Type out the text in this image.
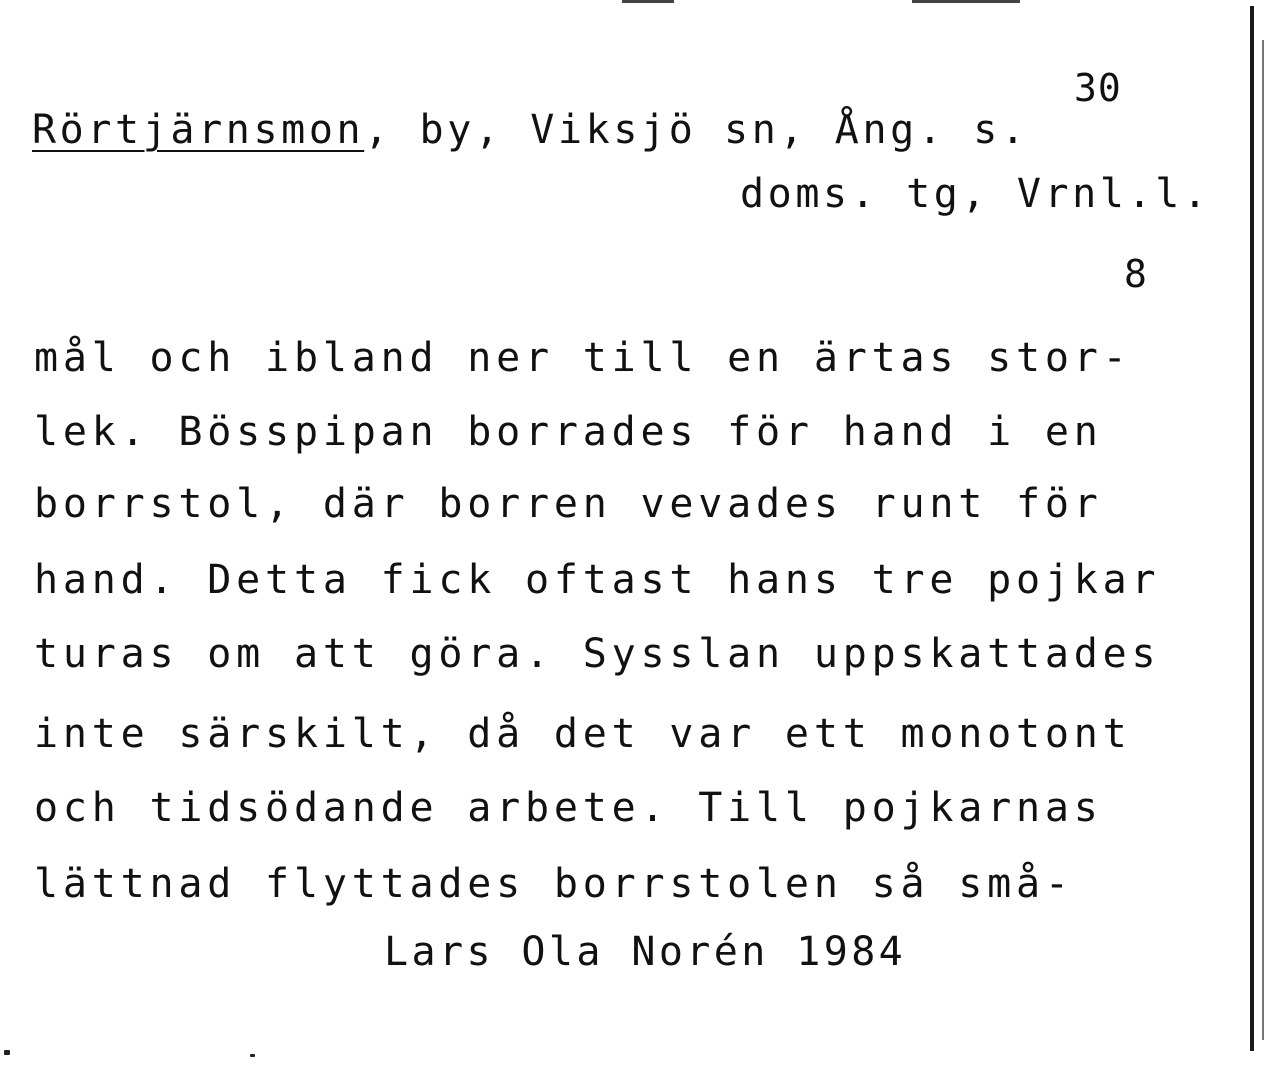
30
Rörtjärnsmon, by, Viksjö sn, Ång. s.
doms. tg, Vrnl.l.
8
mål och ibland ner till en ärtas stor-
lek. Bösspipan borrades för hand i en
borrstol, där borren vevades runt för
hand. Detta fick oftast hans tre pojkar
turas om att göra. Sysslan uppskattades
inte särskilt, då det var ett monotont
och tidsödande arbete. Till pojkarnas
lättnad flyttades borrstolen så små-
Lars Ola Norén 1984
